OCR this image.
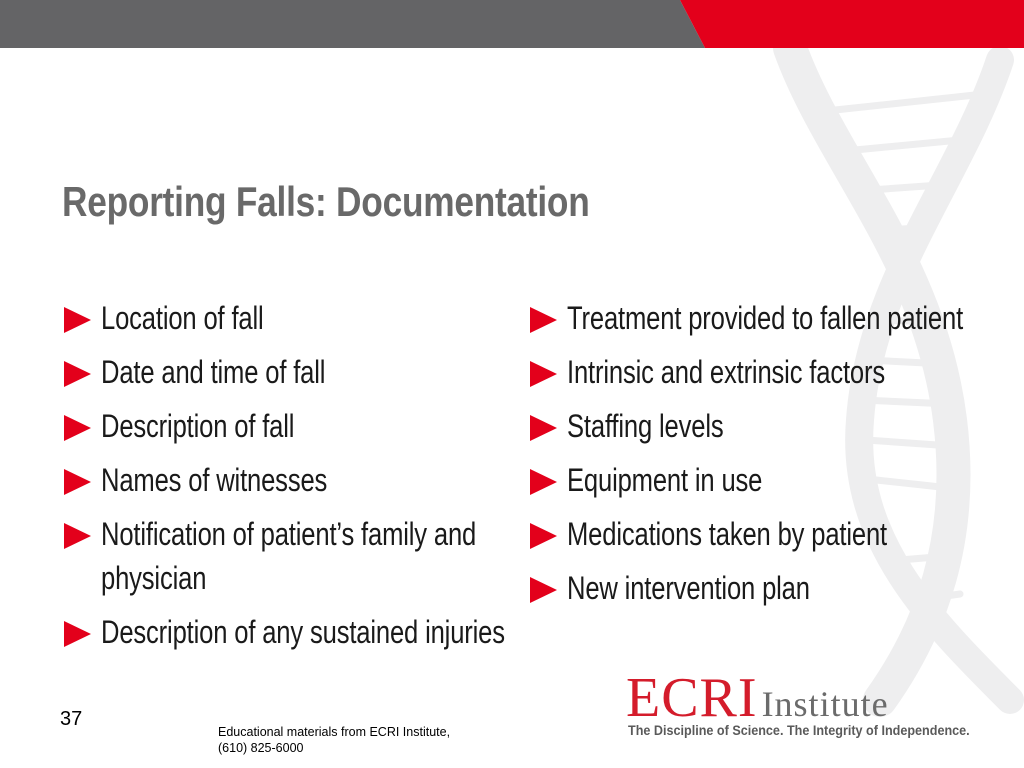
Reporting Falls: Documentation
Location of fall
Date and time of fall
Description of fall
Names of witnesses
Notification of patient’s family and physician
Description of any sustained injuries
Treatment provided to fallen patient
Intrinsic and extrinsic factors
Staffing levels
Equipment in use
Medications taken by patient
New intervention plan
37
Educational materials from ECRI Institute, (610) 825-6000
ECRI Institute
The Discipline of Science. The Integrity of Independence.
